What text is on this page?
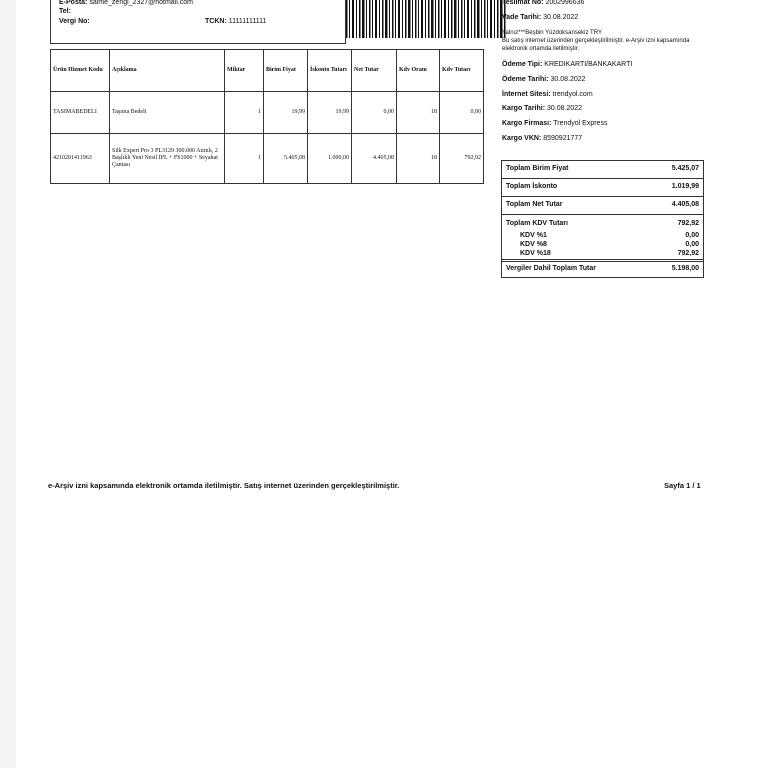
E-Posta: saime_zengi_2327@hotmail.com
Tel:
Vergi No:	TCKN: 11111111111
Ürün Hizmet Kodu	Açıklama	Miktar	Birim Fiyat	İskonto Tutarı	Net Tutar	Kdv Oranı	Kdv Tutarı
TASIMABEDELI	Taşıma Bedeli	1	19,99	19,99	0,00	18	0,00
4210201411963	Silk Expert Pro 3 PL3129 300.000 Atımlı, 2 Başlıklı Yeni Nesil IPL + FS1000 + Seyahat Çantası	1	5.405,08	1.000,00	4.405,08	18	792,92
Teslimat No: 2002996636
Vade Tarihi: 30.08.2022
Yalnız***Beşbin Yüzdoksansekiz TRY
Bu satış internet üzerinden gerçekleştirilmiştir. e-Arşiv izni kapsamında elektronik ortamda iletilmiştir.
Ödeme Tipi: KREDIKARTI/BANKAKARTI
Ödeme Tarihi: 30.08.2022
İnternet Sitesi: trendyol.com
Kargo Tarihi: 30.08.2022
Kargo Firması: Trendyol Express
Kargo VKN: 8590921777
Toplam Birim Fiyat	5.425,07
Toplam İskonto	1.019,99
Toplam Net Tutar	4.405,08
Toplam KDV Tutarı	792,92
KDV %1	0,00
KDV %8	0,00
KDV %18	792,92
Vergiler Dahil Toplam Tutar	5.198,00
e-Arşiv izni kapsamında elektronik ortamda iletilmiştir. Satış internet üzerinden gerçekleştirilmiştir.	Sayfa 1 / 1
